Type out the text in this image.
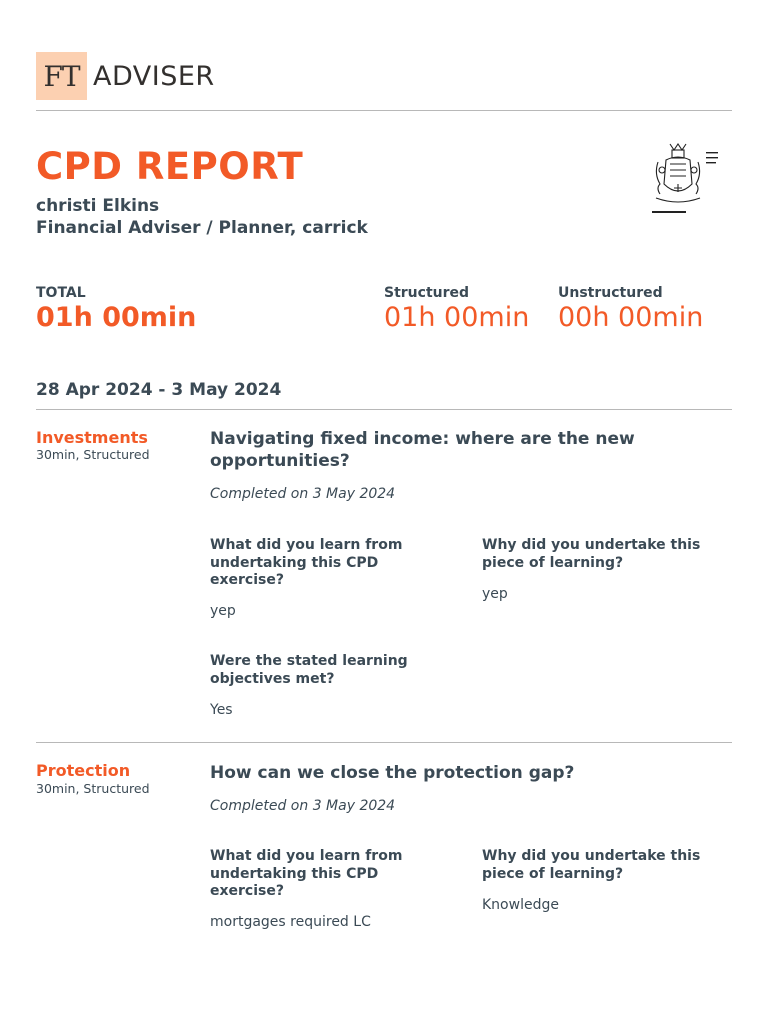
FT ADVISER
CPD REPORT
christi Elkins
Financial Adviser / Planner, carrick
TOTAL
01h 00min
Structured
01h 00min
Unstructured
00h 00min
28 Apr 2024 - 3 May 2024
Investments
30min, Structured
Navigating fixed income: where are the new opportunities?
Completed on 3 May 2024
What did you learn from undertaking this CPD exercise?
yep
Why did you undertake this piece of learning?
yep
Were the stated learning objectives met?
Yes
Protection
30min, Structured
How can we close the protection gap?
Completed on 3 May 2024
What did you learn from undertaking this CPD exercise?
mortgages required LC
Why did you undertake this piece of learning?
Knowledge
